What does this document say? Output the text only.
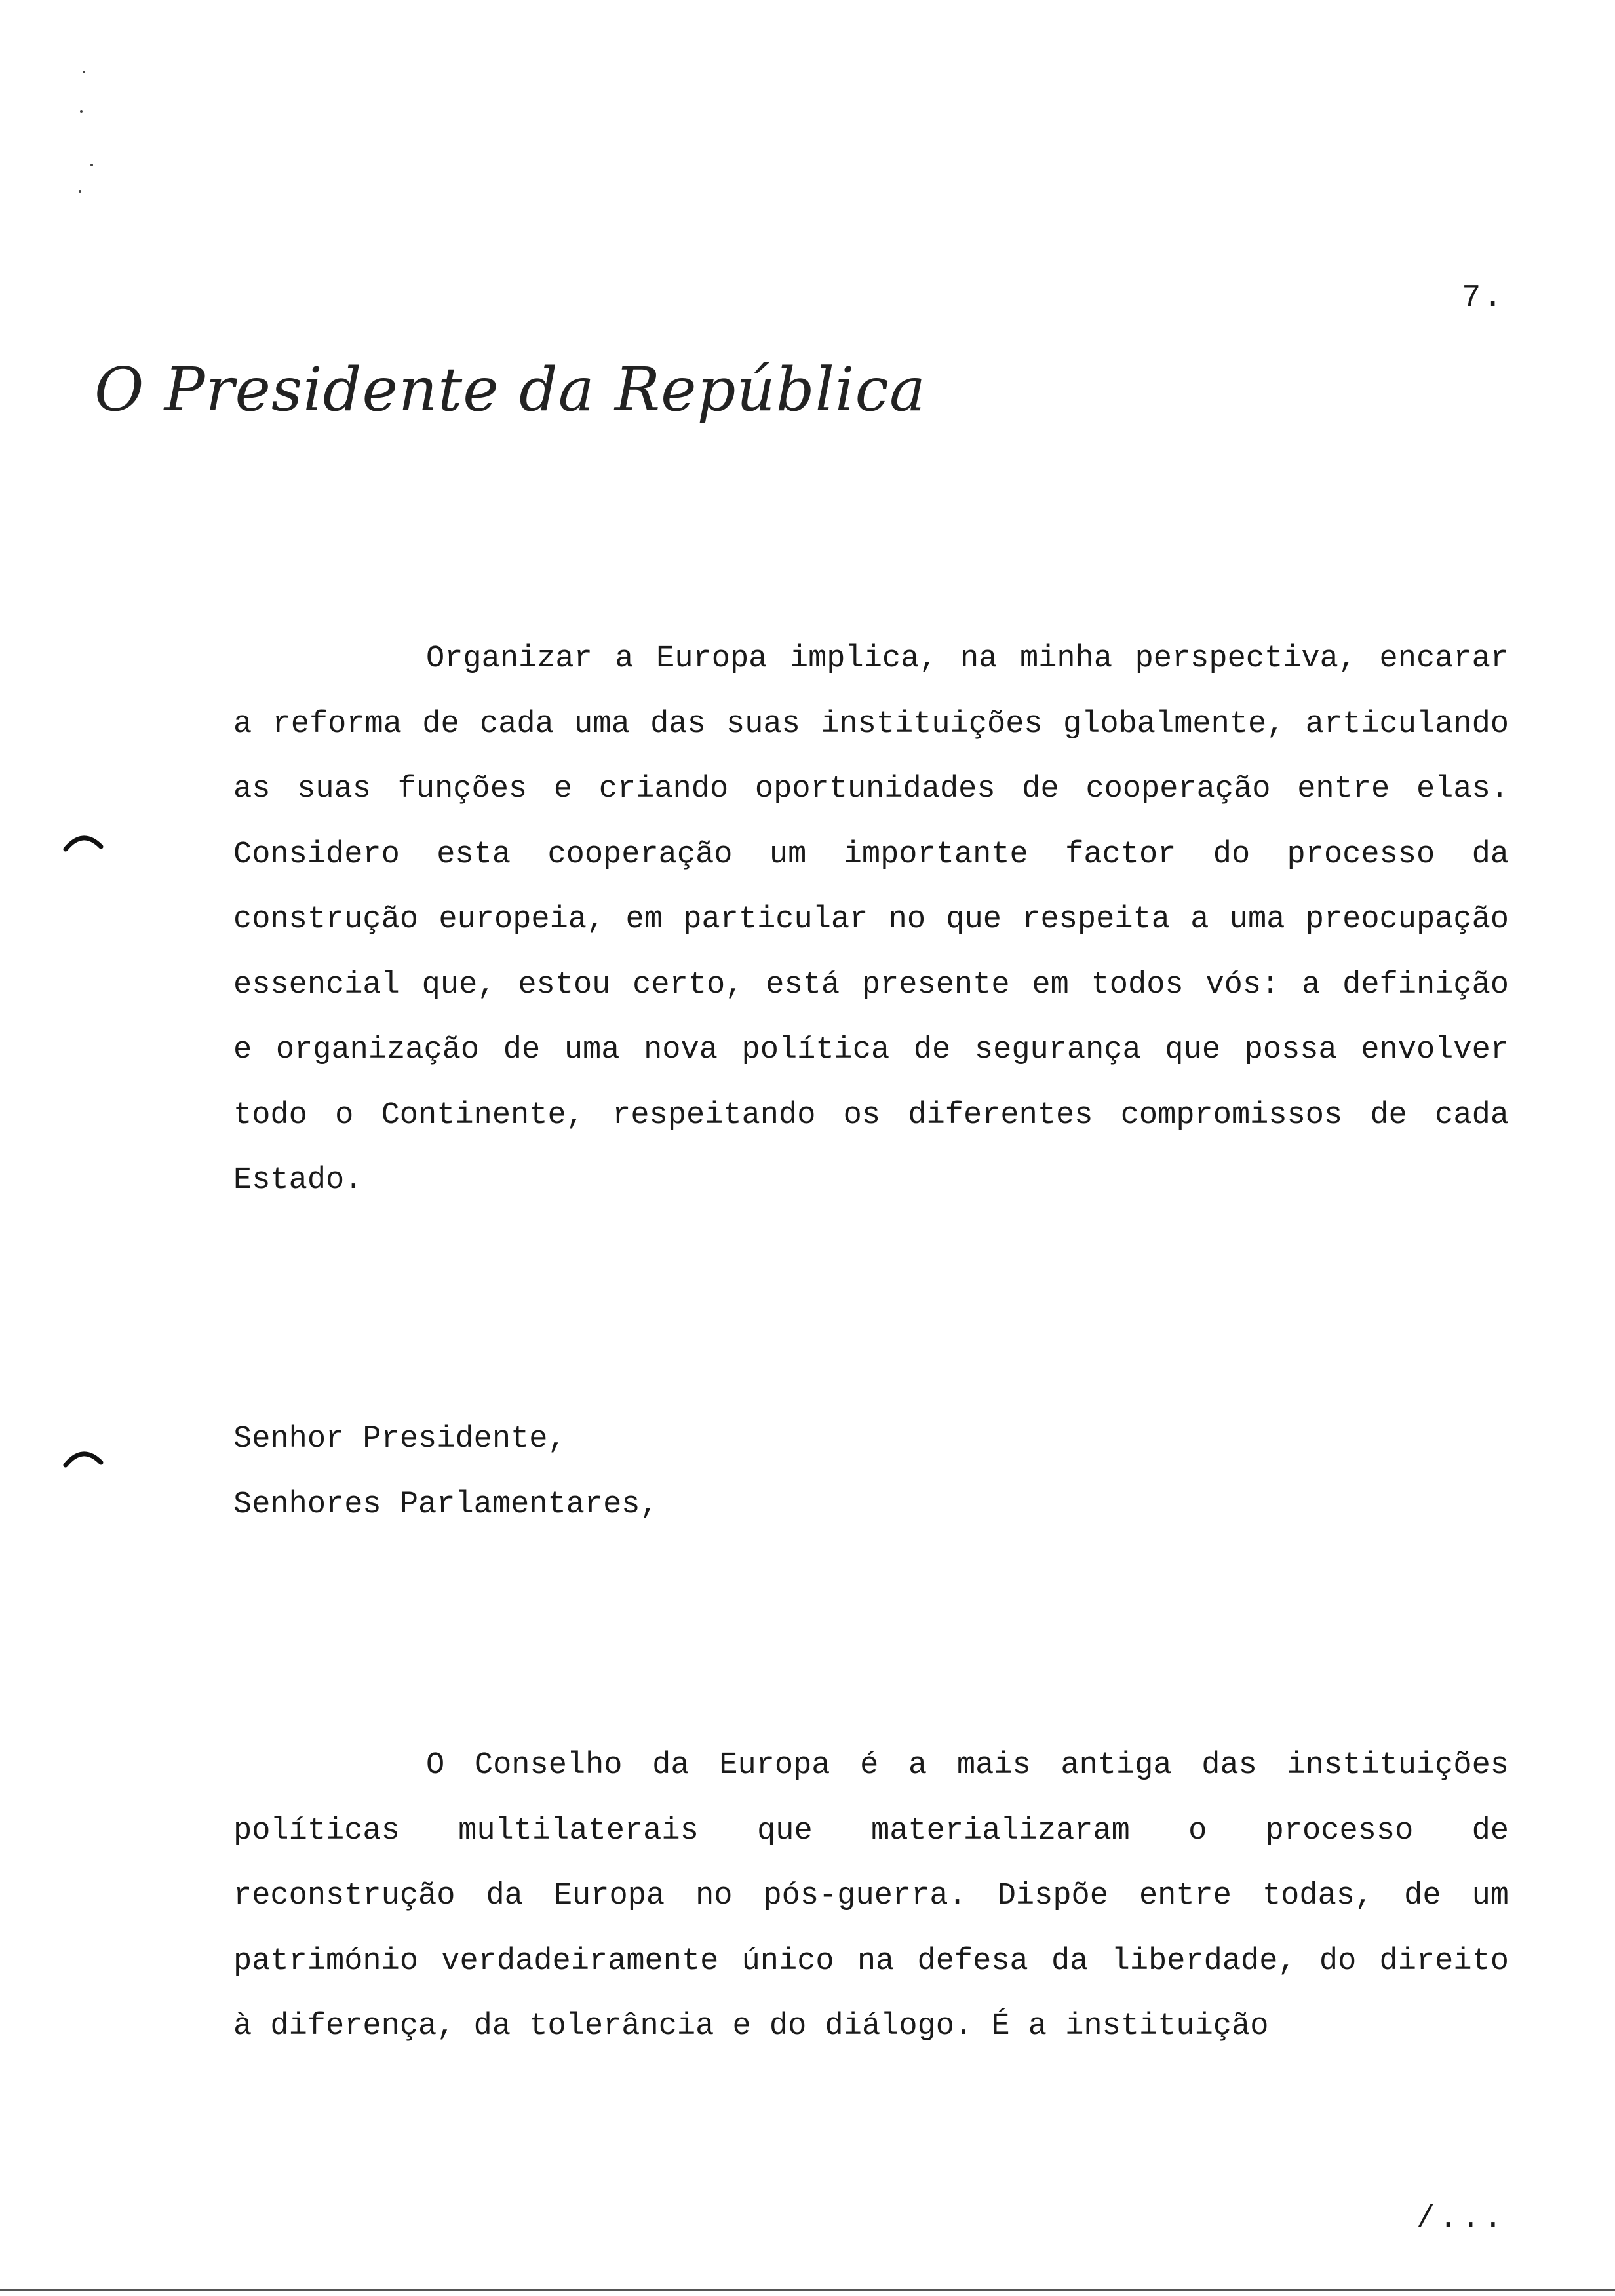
7.
O Presidente da República

Organizar a Europa implica, na minha perspectiva, encarar a reforma de cada uma das suas instituições globalmente, articulando as suas funções e criando oportunidades de cooperação entre elas. Considero esta cooperação um importante factor do processo da construção europeia, em particular no que respeita a uma preocupação essencial que, estou certo, está presente em todos vós: a definição e organização de uma nova política de segurança que possa envolver todo o Continente, respeitando os diferentes compromissos de cada Estado.

Senhor Presidente,
Senhores Parlamentares,

O Conselho da Europa é a mais antiga das instituições políticas multilaterais que materializaram o processo de reconstrução da Europa no pós-guerra. Dispõe entre todas, de um património verdadeiramente único na defesa da liberdade, do direito à diferença, da tolerância e do diálogo. É a instituição

/...
